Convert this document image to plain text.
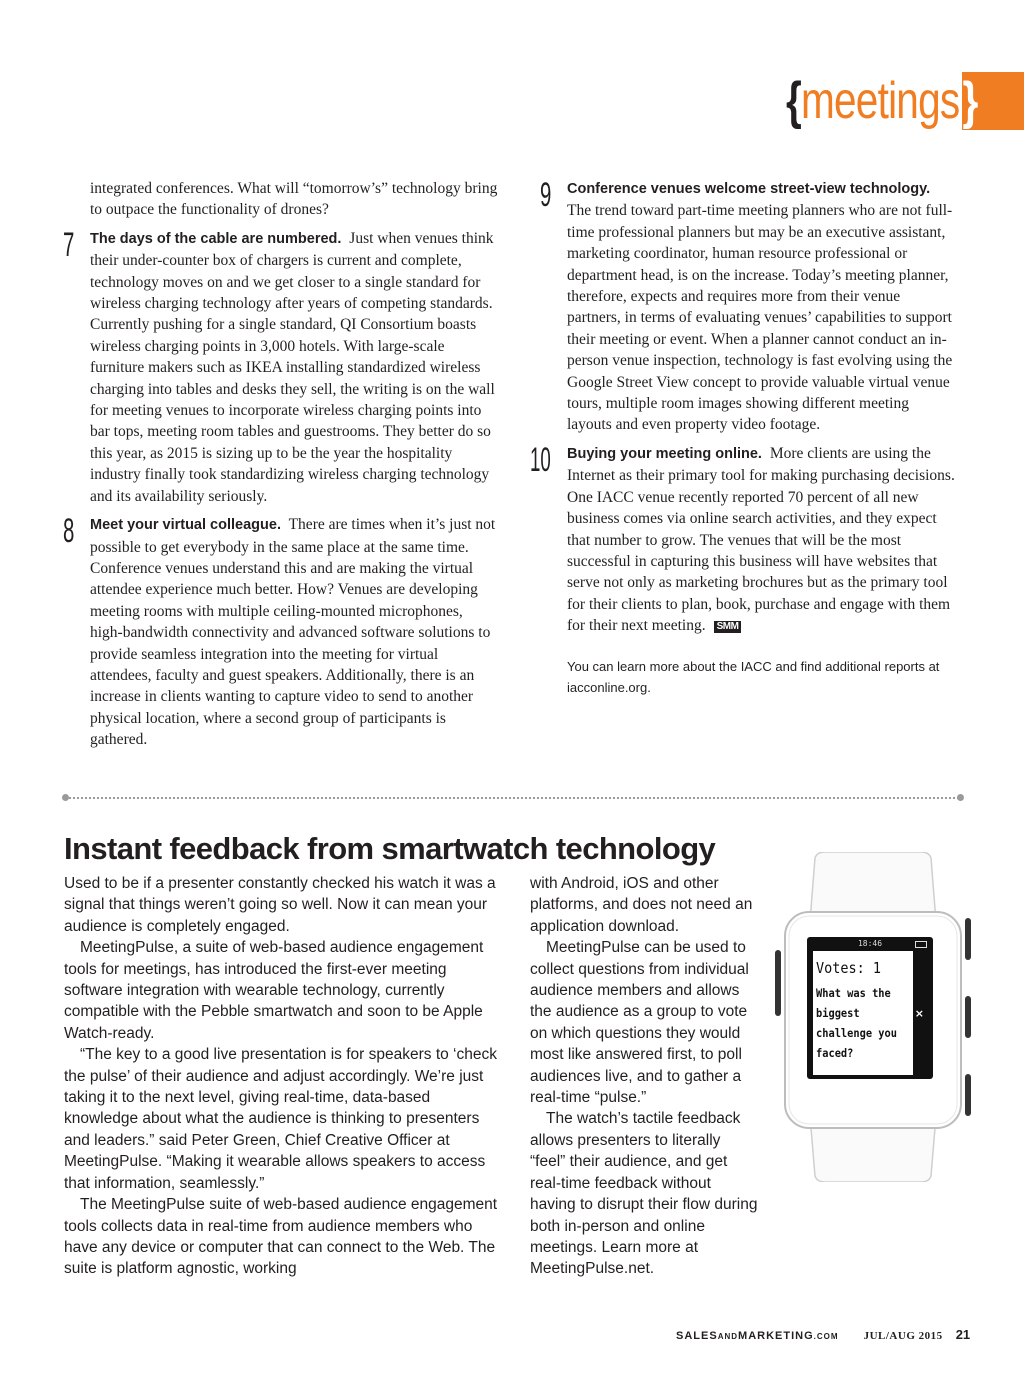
{meetings}

integrated conferences. What will “tomorrow’s” technology bring to outpace the functionality of drones?

7 The days of the cable are numbered. Just when venues think their under-counter box of chargers is current and complete, technology moves on and we get closer to a single standard for wireless charging technology after years of competing standards. Currently pushing for a single standard, QI Consortium boasts wireless charging points in 3,000 hotels. With large-scale furniture makers such as IKEA installing standardized wireless charging into tables and desks they sell, the writing is on the wall for meeting venues to incorporate wireless charging points into bar tops, meeting room tables and guestrooms. They better do so this year, as 2015 is sizing up to be the year the hospitality industry finally took standardizing wireless charging technology and its availability seriously.

8 Meet your virtual colleague. There are times when it’s just not possible to get everybody in the same place at the same time. Conference venues understand this and are making the virtual attendee experience much better. How? Venues are developing meeting rooms with multiple ceiling-mounted microphones, high-bandwidth connectivity and advanced software solutions to provide seamless integration into the meeting for virtual attendees, faculty and guest speakers. Additionally, there is an increase in clients wanting to capture video to send to another physical location, where a second group of participants is gathered.

9 Conference venues welcome street-view technology. The trend toward part-time meeting planners who are not full-time professional planners but may be an executive assistant, marketing coordinator, human resource professional or department head, is on the increase. Today’s meeting planner, therefore, expects and requires more from their venue partners, in terms of evaluating venues’ capabilities to support their meeting or event. When a planner cannot conduct an in-person venue inspection, technology is fast evolving using the Google Street View concept to provide valuable virtual venue tours, multiple room images showing different meeting layouts and even property video footage.

10 Buying your meeting online. More clients are using the Internet as their primary tool for making purchasing decisions. One IACC venue recently reported 70 percent of all new business comes via online search activities, and they expect that number to grow. The venues that will be the most successful in capturing this business will have websites that serve not only as marketing brochures but as the primary tool for their clients to plan, book, purchase and engage with them for their next meeting. SMM

You can learn more about the IACC and find additional reports at iacconline.org.

Instant feedback from smartwatch technology

Used to be if a presenter constantly checked his watch it was a signal that things weren’t going so well. Now it can mean your audience is completely engaged.

MeetingPulse, a suite of web-based audience engagement tools for meetings, has introduced the first-ever meeting software integration with wearable technology, currently compatible with the Pebble smartwatch and soon to be Apple Watch-ready.

“The key to a good live presentation is for speakers to ‘check the pulse’ of their audience and adjust accordingly. We’re just taking it to the next level, giving real-time, data-based knowledge about what the audience is thinking to presenters and leaders.” said Peter Green, Chief Creative Officer at MeetingPulse. “Making it wearable allows speakers to access that information, seamlessly.”

The MeetingPulse suite of web-based audience engagement tools collects data in real-time from audience members who have any device or computer that can connect to the Web. The suite is platform agnostic, working

with Android, iOS and other platforms, and does not need an application download.

MeetingPulse can be used to collect questions from individual audience members and allows the audience as a group to vote on which questions they would most like answered first, to poll audiences live, and to gather a real-time “pulse.”

The watch’s tactile feedback allows presenters to literally “feel” their audience, and get real-time feedback without having to disrupt their flow during both in-person and online meetings. Learn more at MeetingPulse.net.

18:46
Votes: 1
What was the biggest challenge you faced?
×
SALESANDMARKETING.COM JUL/AUG 2015 21
